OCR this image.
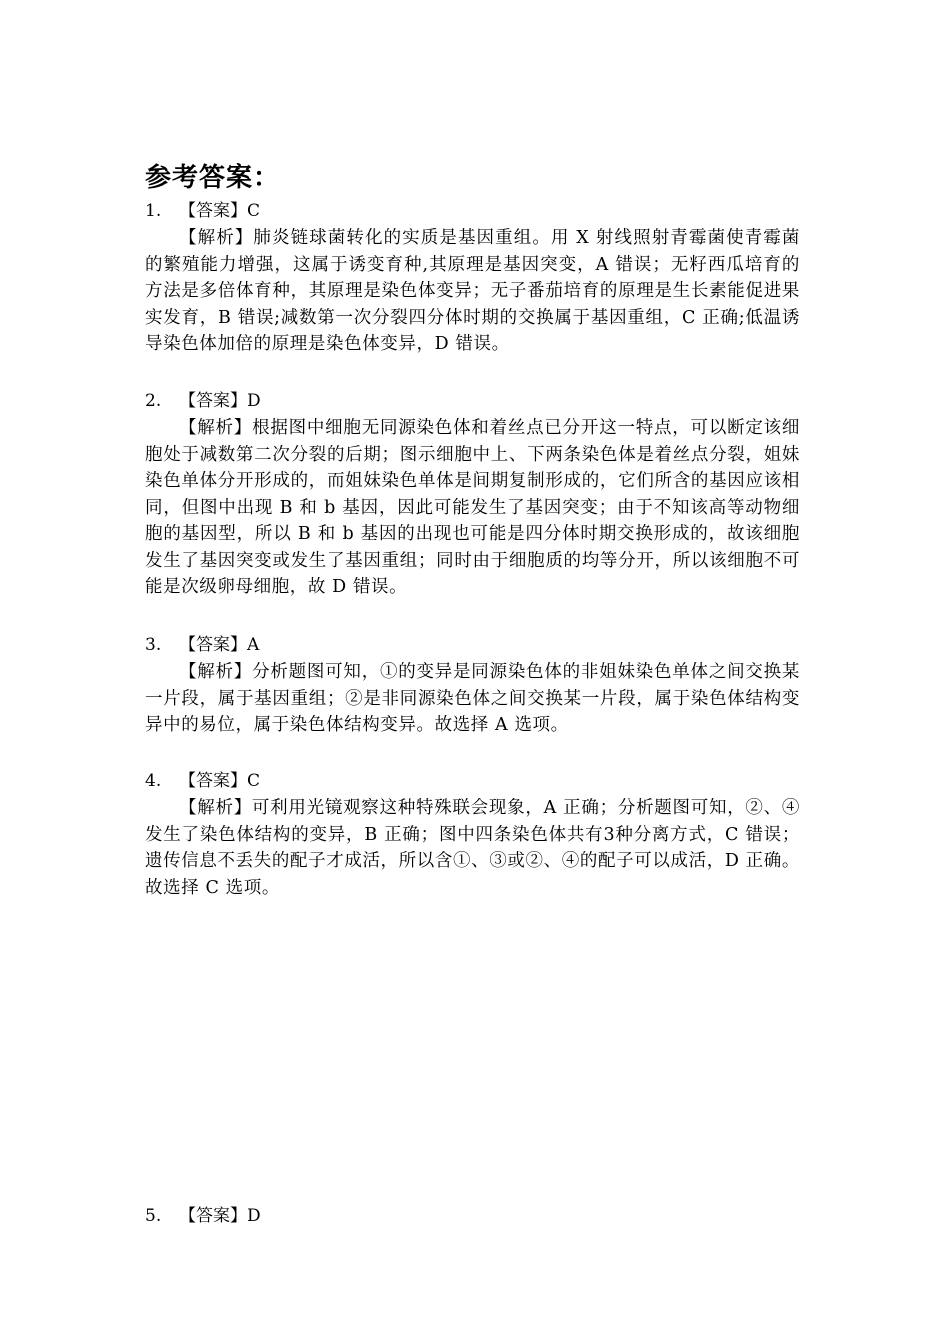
参考答案：
1. 【答案】C
【解析】肺炎链球菌转化的实质是基因重组。用 X 射线照射青霉菌使青霉菌的繁殖能力增强，这属于诱变育种,其原理是基因突变，A 错误；无籽西瓜培育的方法是多倍体育种，其原理是染色体变异；无子番茄培育的原理是生长素能促进果实发育，B 错误;减数第一次分裂四分体时期的交换属于基因重组，C 正确;低温诱导染色体加倍的原理是染色体变异，D 错误。
2. 【答案】D
【解析】根据图中细胞无同源染色体和着丝点已分开这一特点，可以断定该细胞处于减数第二次分裂的后期；图示细胞中上、下两条染色体是着丝点分裂，姐妹染色单体分开形成的，而姐妹染色单体是间期复制形成的，它们所含的基因应该相同，但图中出现 B 和 b 基因，因此可能发生了基因突变；由于不知该高等动物细胞的基因型，所以 B 和 b 基因的出现也可能是四分体时期交换形成的，故该细胞发生了基因突变或发生了基因重组；同时由于细胞质的均等分开，所以该细胞不可能是次级卵母细胞，故 D 错误。
3. 【答案】A
【解析】分析题图可知，①的变异是同源染色体的非姐妹染色单体之间交换某一片段，属于基因重组；②是非同源染色体之间交换某一片段，属于染色体结构变异中的易位，属于染色体结构变异。故选择 A 选项。
4. 【答案】C
【解析】可利用光镜观察这种特殊联会现象，A 正确；分析题图可知，②、④发生了染色体结构的变异，B 正确；图中四条染色体共有3种分离方式，C 错误；遗传信息不丢失的配子才成活，所以含①、③或②、④的配子可以成活，D 正确。故选择 C 选项。
5. 【答案】D
